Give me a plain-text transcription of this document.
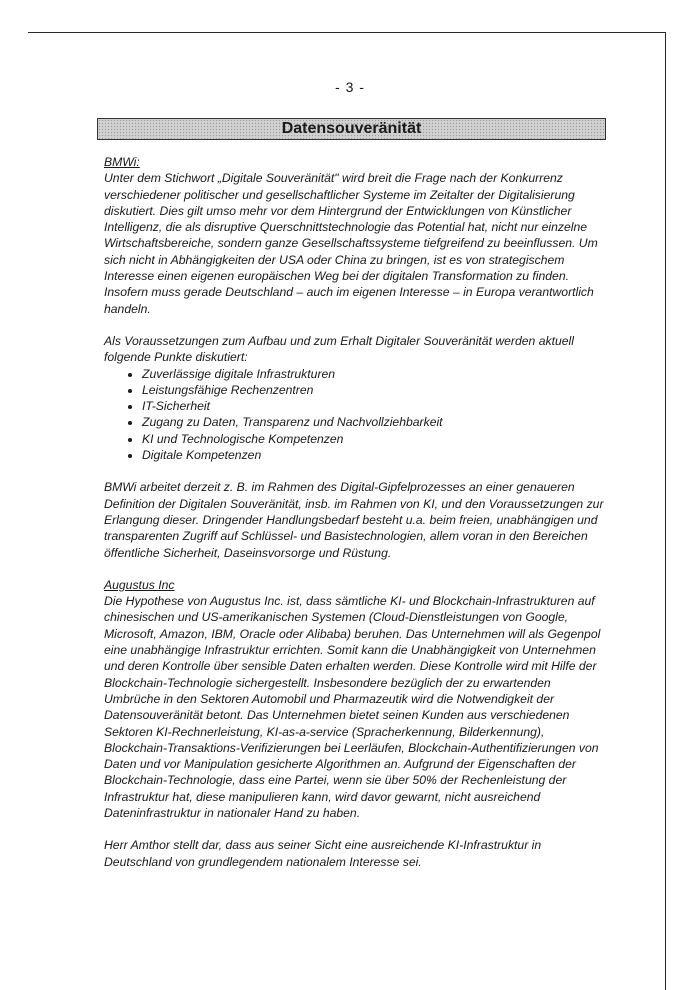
- 3 -
Datensouveränität

BMWi:

Unter dem Stichwort „Digitale Souveränität" wird breit die Frage nach der Konkurrenz verschiedener politischer und gesellschaftlicher Systeme im Zeitalter der Digitalisierung diskutiert. Dies gilt umso mehr vor dem Hintergrund der Entwicklungen von Künstlicher Intelligenz, die als disruptive Querschnittstechnologie das Potential hat, nicht nur einzelne Wirtschaftsbereiche, sondern ganze Gesellschaftssysteme tiefgreifend zu beeinflussen. Um sich nicht in Abhängigkeiten der USA oder China zu bringen, ist es von strategischem Interesse einen eigenen europäischen Weg bei der digitalen Transformation zu finden. Insofern muss gerade Deutschland – auch im eigenen Interesse – in Europa verantwortlich handeln.

Als Voraussetzungen zum Aufbau und zum Erhalt Digitaler Souveränität werden aktuell folgende Punkte diskutiert:

• Zuverlässige digitale Infrastrukturen
• Leistungsfähige Rechenzentren
• IT-Sicherheit
• Zugang zu Daten, Transparenz und Nachvollziehbarkeit
• KI und Technologische Kompetenzen
• Digitale Kompetenzen

BMWi arbeitet derzeit z. B. im Rahmen des Digital-Gipfelprozesses an einer genaueren Definition der Digitalen Souveränität, insb. im Rahmen von KI, und den Voraussetzungen zur Erlangung dieser. Dringender Handlungsbedarf besteht u.a. beim freien, unabhängigen und transparenten Zugriff auf Schlüssel- und Basistechnologien, allem voran in den Bereichen öffentliche Sicherheit, Daseinsvorsorge und Rüstung.

Augustus Inc

Die Hypothese von Augustus Inc. ist, dass sämtliche KI- und Blockchain-Infrastrukturen auf chinesischen und US-amerikanischen Systemen (Cloud-Dienstleistungen von Google, Microsoft, Amazon, IBM, Oracle oder Alibaba) beruhen. Das Unternehmen will als Gegenpol eine unabhängige Infrastruktur errichten. Somit kann die Unabhängigkeit von Unternehmen und deren Kontrolle über sensible Daten erhalten werden. Diese Kontrolle wird mit Hilfe der Blockchain-Technologie sichergestellt. Insbesondere bezüglich der zu erwartenden Umbrüche in den Sektoren Automobil und Pharmazeutik wird die Notwendigkeit der Datensouveränität betont. Das Unternehmen bietet seinen Kunden aus verschiedenen Sektoren KI-Rechnerleistung, KI-as-a-service (Spracherkennung, Bilderkennung), Blockchain-Transaktions-Verifizierungen bei Leerläufen, Blockchain-Authentifizierungen von Daten und vor Manipulation gesicherte Algorithmen an. Aufgrund der Eigenschaften der Blockchain-Technologie, dass eine Partei, wenn sie über 50% der Rechenleistung der Infrastruktur hat, diese manipulieren kann, wird davor gewarnt, nicht ausreichend Dateninfrastruktur in nationaler Hand zu haben.

Herr Amthor stellt dar, dass aus seiner Sicht eine ausreichende KI-Infrastruktur in Deutschland von grundlegendem nationalem Interesse sei.
